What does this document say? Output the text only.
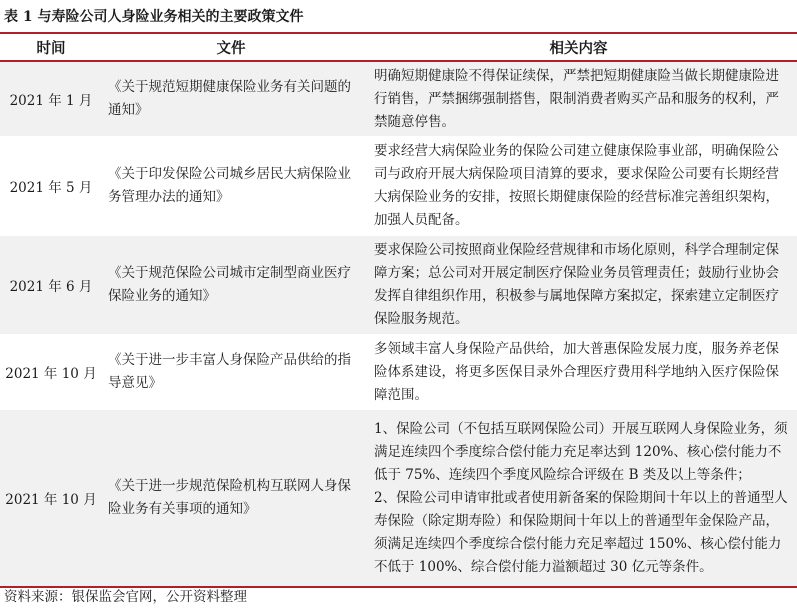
表 1 与寿险公司人身险业务相关的主要政策文件
时间	文件	相关内容
2021 年 1 月
《关于规范短期健康保险业务有关问题的通知》
明确短期健康险不得保证续保，严禁把短期健康险当做长期健康险进行销售，严禁捆绑强制搭售，限制消费者购买产品和服务的权利，严禁随意停售。
2021 年 5 月
《关于印发保险公司城乡居民大病保险业务管理办法的通知》
要求经营大病保险业务的保险公司建立健康保险事业部，明确保险公司与政府开展大病保险项目清算的要求，要求保险公司要有长期经营大病保险业务的安排，按照长期健康保险的经营标准完善组织架构，加强人员配备。
2021 年 6 月
《关于规范保险公司城市定制型商业医疗保险业务的通知》
要求保险公司按照商业保险经营规律和市场化原则，科学合理制定保障方案；总公司对开展定制医疗保险业务员管理责任；鼓励行业协会发挥自律组织作用，积极参与属地保障方案拟定，探索建立定制医疗保险服务规范。
2021 年 10 月
《关于进一步丰富人身保险产品供给的指导意见》
多领域丰富人身保险产品供给，加大普惠保险发展力度，服务养老保险体系建设，将更多医保目录外合理医疗费用科学地纳入医疗保险保障范围。
2021 年 10 月
《关于进一步规范保险机构互联网人身保险业务有关事项的通知》
1、保险公司（不包括互联网保险公司）开展互联网人身保险业务，须满足连续四个季度综合偿付能力充足率达到 120%、核心偿付能力不低于 75%、连续四个季度风险综合评级在 B 类及以上等条件；
2、保险公司申请审批或者使用新备案的保险期间十年以上的普通型人寿保险（除定期寿险）和保险期间十年以上的普通型年金保险产品，须满足连续四个季度综合偿付能力充足率超过 150%、核心偿付能力不低于 100%、综合偿付能力溢额超过 30 亿元等条件。
资料来源：银保监会官网，公开资料整理
